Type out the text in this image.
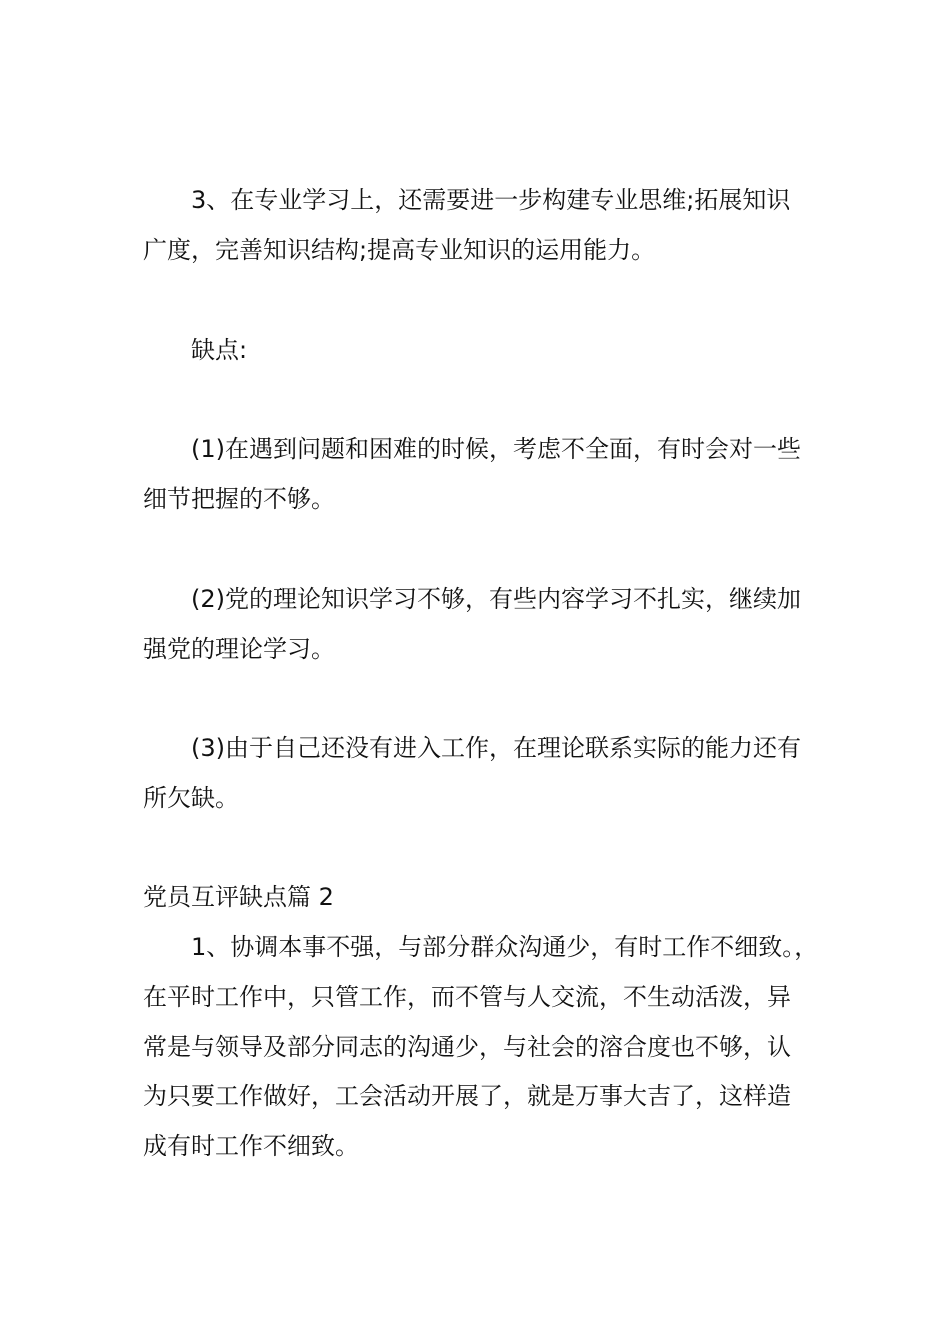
3、在专业学习上，还需要进一步构建专业思维;拓展知识
广度，完善知识结构;提高专业知识的运用能力。
缺点:
(1)在遇到问题和困难的时候，考虑不全面，有时会对一些
细节把握的不够。
(2)党的理论知识学习不够，有些内容学习不扎实，继续加
强党的理论学习。
(3)由于自己还没有进入工作，在理论联系实际的能力还有
所欠缺。
党员互评缺点篇 2
1、协调本事不强，与部分群众沟通少，有时工作不细致。，
在平时工作中，只管工作，而不管与人交流，不生动活泼，异
常是与领导及部分同志的沟通少，与社会的溶合度也不够，认
为只要工作做好，工会活动开展了，就是万事大吉了，这样造
成有时工作不细致。
